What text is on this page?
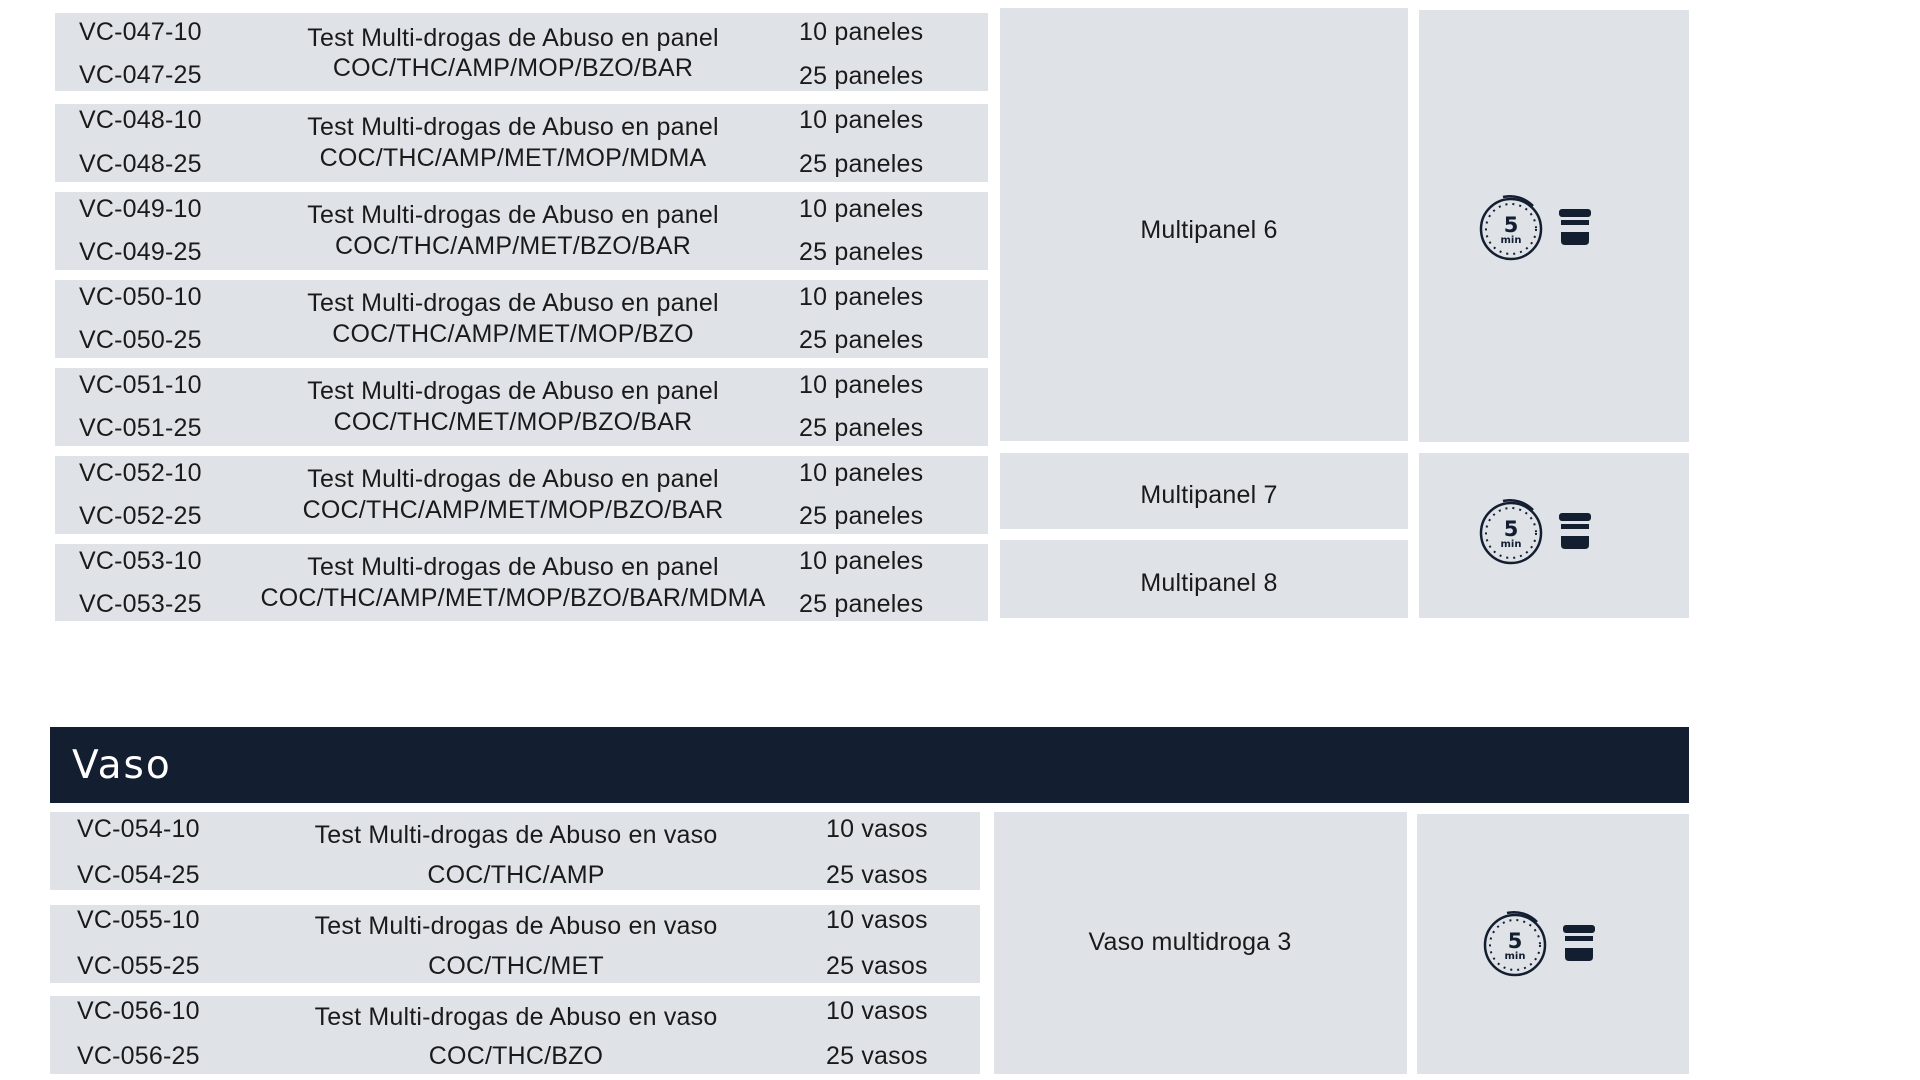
VC-047-10
VC-047-25
Test Multi-drogas de Abuso en panel
COC/THC/AMP/MOP/BZO/BAR
10 paneles
25 paneles
VC-048-10
VC-048-25
Test Multi-drogas de Abuso en panel
COC/THC/AMP/MET/MOP/MDMA
10 paneles
25 paneles
VC-049-10
VC-049-25
Test Multi-drogas de Abuso en panel
COC/THC/AMP/MET/BZO/BAR
10 paneles
25 paneles
VC-050-10
VC-050-25
Test Multi-drogas de Abuso en panel
COC/THC/AMP/MET/MOP/BZO
10 paneles
25 paneles
VC-051-10
VC-051-25
Test Multi-drogas de Abuso en panel
COC/THC/MET/MOP/BZO/BAR
10 paneles
25 paneles
VC-052-10
VC-052-25
Test Multi-drogas de Abuso en panel
COC/THC/AMP/MET/MOP/BZO/BAR
10 paneles
25 paneles
VC-053-10
VC-053-25
Test Multi-drogas de Abuso en panel
COC/THC/AMP/MET/MOP/BZO/BAR/MDMA
10 paneles
25 paneles
Multipanel 6
Multipanel 7
Multipanel 8
5
min
5
min
Vaso
VC-054-10
VC-054-25
Test Multi-drogas de Abuso en vaso
COC/THC/AMP
10 vasos
25 vasos
VC-055-10
VC-055-25
Test Multi-drogas de Abuso en vaso
COC/THC/MET
10 vasos
25 vasos
VC-056-10
VC-056-25
Test Multi-drogas de Abuso en vaso
COC/THC/BZO
10 vasos
25 vasos
Vaso multidroga 3	5
min
